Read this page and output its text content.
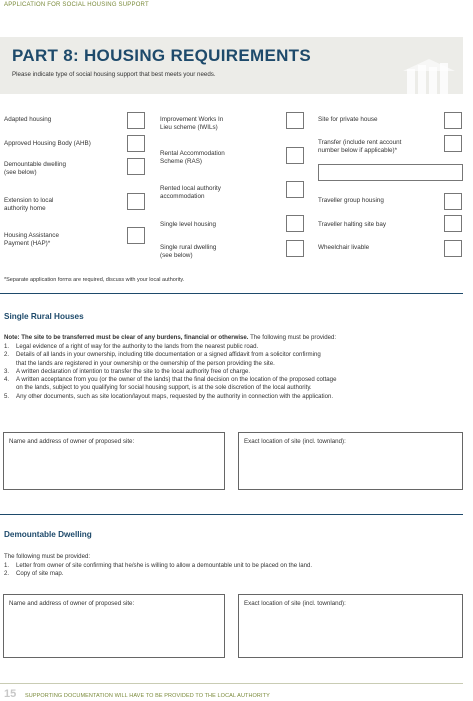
APPLICATION FOR SOCIAL HOUSING SUPPORT
PART 8: HOUSING REQUIREMENTS
Please indicate type of social housing support that best meets your needs.
Adapted housing
Approved Housing Body (AHB)
Demountable dwelling
(see below)
Extension to local
authority home
Housing Assistance
Payment (HAP)*
Improvement Works In
Lieu scheme (IWILs)
Rental Accommodation
Scheme (RAS)
Rented local authority
accommodation
Single level housing
Single rural dwelling
(see below)
Site for private house
Transfer (include rent account
number below if applicable)*
Traveller group housing
Traveller halting site bay
Wheelchair livable
*Separate application forms are required, discuss with your local authority.
Single Rural Houses
Note: The site to be transferred must be clear of any burdens, financial or otherwise. The following must be provided:
1.	Legal evidence of a right of way for the authority to the lands from the nearest public road.
2.	Details of all lands in your ownership, including title documentation or a signed affidavit from a solicitor confirming
that the lands are registered in your ownership or the ownership of the person providing the site.
3.	A written declaration of intention to transfer the site to the local authority free of charge.
4.	A written acceptance from you (or the owner of the lands) that the final decision on the location of the proposed cottage
on the lands, subject to you qualifying for social housing support, is at the sole discretion of the local authority.
5.	Any other documents, such as site location/layout maps, requested by the authority in connection with the application.
Name and address of owner of proposed site:	Exact location of site (incl. townland):
Demountable Dwelling
The following must be provided:
1.	Letter from owner of site confirming that he/she is willing to allow a demountable unit to be placed on the land.
2.	Copy of site map.
Name and address of owner of proposed site:	Exact location of site (incl. townland):
15 SUPPORTING DOCUMENTATION WILL HAVE TO BE PROVIDED TO THE LOCAL AUTHORITY
